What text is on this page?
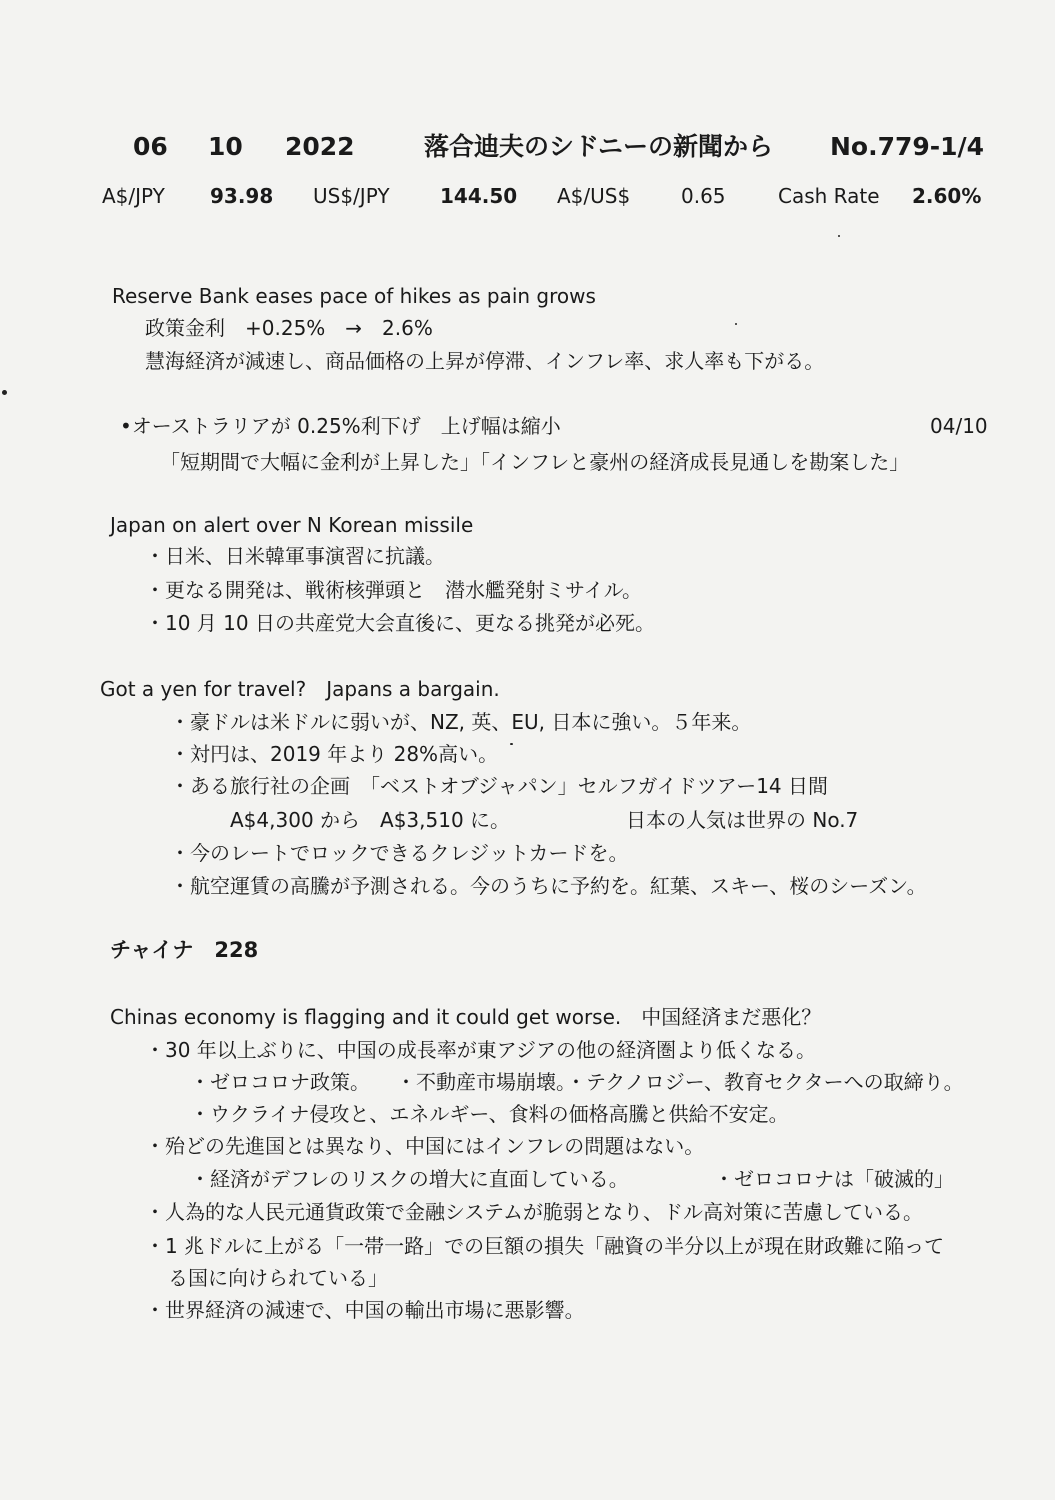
06 10 2022	落合迪夫のシドニーの新聞から No.779-1/4
A$/JPY 93.98 US$/JPY	144.50 A$/US$	0.65	Cash Rate 2.60%
Reserve Bank eases pace of hikes as pain grows
政策金利　+0.25%　→　2.6%
慧海経済が減速し、商品価格の上昇が停滞、インフレ率、求人率も下がる。
•オーストラリアが 0.25%利下げ　上げ幅は縮小	04/10
「短期間で大幅に金利が上昇した」「インフレと豪州の経済成長見通しを勘案した」
Japan on alert over N Korean missile
・日米、日米韓軍事演習に抗議。
・更なる開発は、戦術核弾頭と　潜水艦発射ミサイル。
・10 月 10 日の共産党大会直後に、更なる挑発が必死。
Got a yen for travel?　Japans a bargain.
・豪ドルは米ドルに弱いが、NZ, 英、EU, 日本に強い。５年来。
・対円は、2019 年より 28%高い。
・ある旅行社の企画　「ベストオブジャパン」セルフガイドツアー14 日間
A$4,300 から　A$3,510 に。	日本の人気は世界の No.7
・今のレートでロックできるクレジットカードを。
・航空運賃の高騰が予測される。今のうちに予約を。紅葉、スキー、桜のシーズン。
チャイナ　228
Chinas economy is flagging and it could get worse.　中国経済まだ悪化？
・30 年以上ぶりに、中国の成長率が東アジアの他の経済圏より低くなる。
・ゼロコロナ政策。 ・不動産市場崩壊。・テクノロジー、教育セクターへの取締り。
・ウクライナ侵攻と、エネルギー、食料の価格高騰と供給不安定。
・殆どの先進国とは異なり、中国にはインフレの問題はない。
・経済がデフレのリスクの増大に直面している。	・ゼロコロナは「破滅的」
・人為的な人民元通貨政策で金融システムが脆弱となり、ドル高対策に苦慮している。
・1 兆ドルに上がる「一帯一路」での巨額の損失「融資の半分以上が現在財政難に陥って
る国に向けられている」
・世界経済の減速で、中国の輸出市場に悪影響。
